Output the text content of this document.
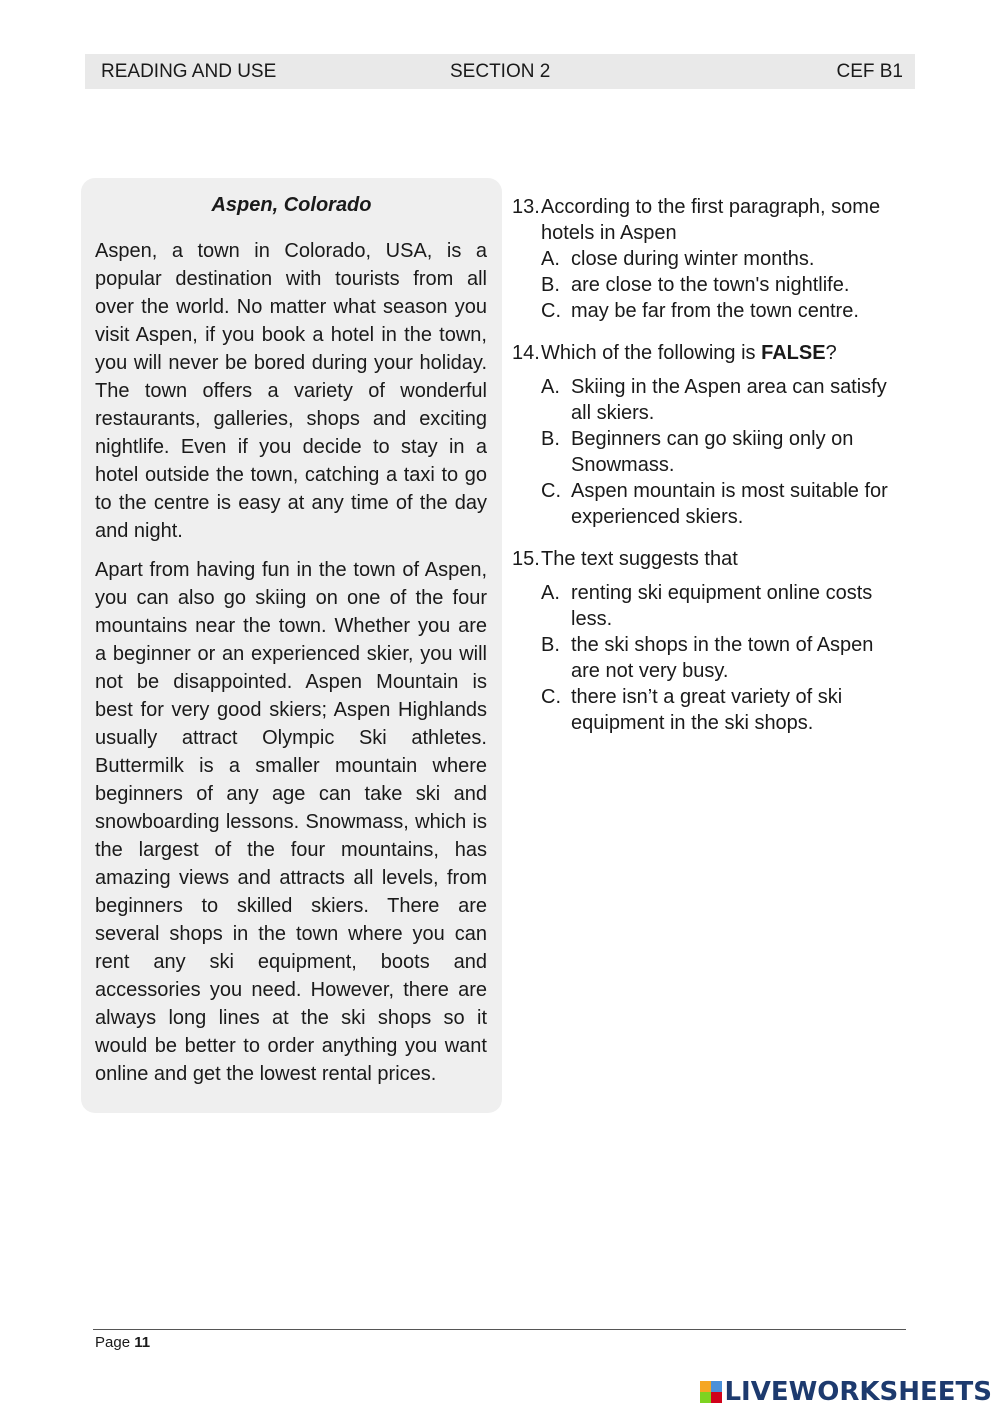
READING AND USE	SECTION 2	CEF B1
Aspen, Colorado
Aspen, a town in Colorado, USA, is a popular destination with tourists from all over the world. No matter what season you visit Aspen, if you book a hotel in the town, you will never be bored during your holiday. The town offers a variety of wonderful restaurants, galleries, shops and exciting nightlife. Even if you decide to stay in a hotel outside the town, catching a taxi to go to the centre is easy at any time of the day and night.
Apart from having fun in the town of Aspen, you can also go skiing on one of the four mountains near the town. Whether you are a beginner or an experienced skier, you will not be disappointed. Aspen Mountain is best for very good skiers; Aspen Highlands usually attract Olympic Ski athletes. Buttermilk is a smaller mountain where beginners of any age can take ski and snowboarding lessons. Snowmass, which is the largest of the four mountains, has amazing views and attracts all levels, from beginners to skilled skiers. There are several shops in the town where you can rent any ski equipment, boots and accessories you need. However, there are always long lines at the ski shops so it would be better to order anything you want online and get the lowest rental prices.
13. According to the first paragraph, some hotels in Aspen
A. close during winter months.
B. are close to the town's nightlife.
C. may be far from the town centre.
14. Which of the following is FALSE?
A. Skiing in the Aspen area can satisfy all skiers.
B. Beginners can go skiing only on Snowmass.
C. Aspen mountain is most suitable for experienced skiers.
15. The text suggests that
A. renting ski equipment online costs less.
B. the ski shops in the town of Aspen are not very busy.
C. there isn’t a great variety of ski equipment in the ski shops.
Page 11
LIVEWORKSHEETS
